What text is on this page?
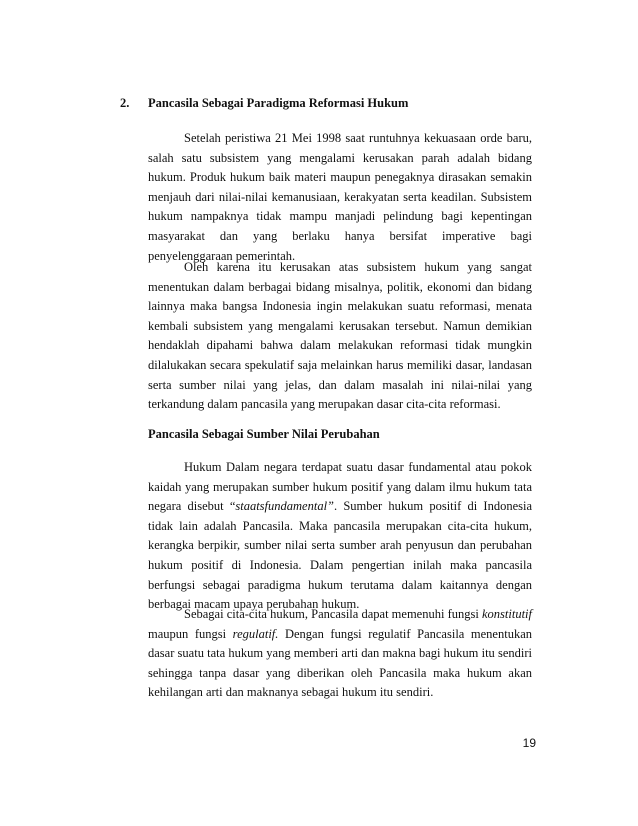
2. Pancasila Sebagai Paradigma Reformasi Hukum

Setelah peristiwa 21 Mei 1998 saat runtuhnya kekuasaan orde baru, salah satu subsistem yang mengalami kerusakan parah adalah bidang hukum. Produk hukum baik materi maupun penegaknya dirasakan semakin menjauh dari nilai-nilai kemanusiaan, kerakyatan serta keadilan. Subsistem hukum nampaknya tidak mampu manjadi pelindung bagi kepentingan masyarakat dan yang berlaku hanya bersifat imperative bagi penyelenggaraan pemerintah.

Oleh karena itu kerusakan atas subsistem hukum yang sangat menentukan dalam berbagai bidang misalnya, politik, ekonomi dan bidang lainnya maka bangsa Indonesia ingin melakukan suatu reformasi, menata kembali subsistem yang mengalami kerusakan tersebut. Namun demikian hendaklah dipahami bahwa dalam melakukan reformasi tidak mungkin dilalukakan secara spekulatif saja melainkan harus memiliki dasar, landasan serta sumber nilai yang jelas, dan dalam masalah ini nilai-nilai yang terkandung dalam pancasila yang merupakan dasar cita-cita reformasi.

Pancasila Sebagai Sumber Nilai Perubahan

Hukum Dalam negara terdapat suatu dasar fundamental atau pokok kaidah yang merupakan sumber hukum positif yang dalam ilmu hukum tata negara disebut “staatsfundamental”. Sumber hukum positif di Indonesia tidak lain adalah Pancasila. Maka pancasila merupakan cita-cita hukum, kerangka berpikir, sumber nilai serta sumber arah penyusun dan perubahan hukum positif di Indonesia. Dalam pengertian inilah maka pancasila berfungsi sebagai paradigma hukum terutama dalam kaitannya dengan berbagai macam upaya perubahan hukum.

Sebagai cita-cita hukum, Pancasila dapat memenuhi fungsi konstitutif maupun fungsi regulatif. Dengan fungsi regulatif Pancasila menentukan dasar suatu tata hukum yang memberi arti dan makna bagi hukum itu sendiri sehingga tanpa dasar yang diberikan oleh Pancasila maka hukum akan kehilangan arti dan maknanya sebagai hukum itu sendiri.

19
